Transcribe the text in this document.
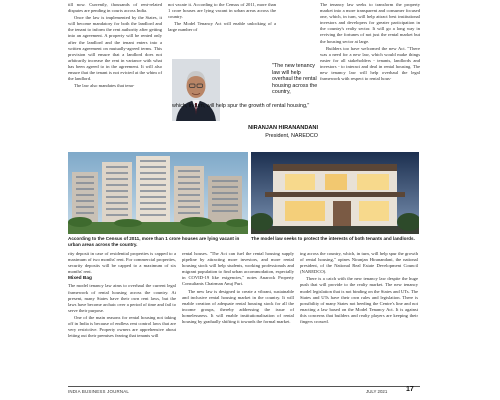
till now. Currently, thousands of rent-related disputes are pending in courts across India.

Once the law is implemented by the States, it will become mandatory for both the landlord and the tenant to inform the rent authority after getting into an agreement. A property will be rented only after the landlord and the tenant enters into a written agreement on mutually-agreed terms. This provision will ensure that a landlord does not arbitrarily increase the rent in variance with what has been agreed to in the agreement. It will also ensure that the tenant is not evicted at the whim of the landlord.

The law also mandates that tena-

not vacate it. According to the Census of 2011, more than 1 crore houses are lying vacant in urban areas across the country.

The Model Tenancy Act will enable unlocking of a large number of

"The new tenancy law will help overhaul the rental housing across the country,
which, in turn, will help spur the growth of rental housing,"
NIRANJAN HIRANANDANI
President, NAREDCO

The tenancy law seeks to transform the property market into a more transparent and consumer focused one, which, in turn, will help attract best institutional investors and developers for greater participation in the country's realty sector. It will go a long way in reviving the fortunes of not just the rental market but the housing sector at large.

Builders too have welcomed the new Act. "There was a need for a new law, which would make things easier for all stakeholders - tenants, landlords and investors - to interact and deal in rental housing. The new tenancy law will help overhaul the legal framework with respect to rental hous-

According to the Census of 2011, more than 1 crore houses are lying vacant in urban areas across the country.
The model law seeks to protect the interests of both tenants and landlords.

rity deposit in case of residential properties is capped to a maximum of two months' rent. For commercial properties, security deposits will be capped to a maximum of six months' rent.

Mixed Bag

The model tenancy law aims to overhaul the current legal framework of rental housing across the country. At present, many States have their own rent laws, but the laws have become archaic over a period of time and fail to serve their purpose.

One of the main reasons for rental housing not taking off in India is because of endless rent control laws that are very restrictive. Property owners are apprehensive about letting out their premises fearing that tenants will

rental houses. "The Act can fuel the rental housing supply pipeline by attracting more investors, and more rental housing stock will help students, working professionals and migrant population to find urban accommodation, especially in COVID-19 like exigencies," notes Anarock Property Consultants Chairman Anuj Puri.

The new law is designed to create a vibrant, sustainable and inclusive rental housing market in the country. It will enable creation of adequate rental housing stock for all the income groups, thereby addressing the issue of homelessness. It will enable institutionalisation of rental housing by gradually shifting it towards the formal market.

ing across the country, which, in turn, will help spur the growth of rental housing," opines Niranjan Hiranandani, the national president, of the National Real Estate Development Council (NAREDCO).

There is a catch with the new tenancy law despite the huge push that will provide to the realty market. The new tenancy model legislation that is not binding on the States and UTs. The States and UTs have their own rules and legislation. There is possibility of many States not heeding the Centre's line and not enacting a law based on the Model Tenancy Act. It is against this concerns that builders and realty players are keeping their fingers crossed.

INDIA BUSINESS JOURNAL	JULY 2021	17
